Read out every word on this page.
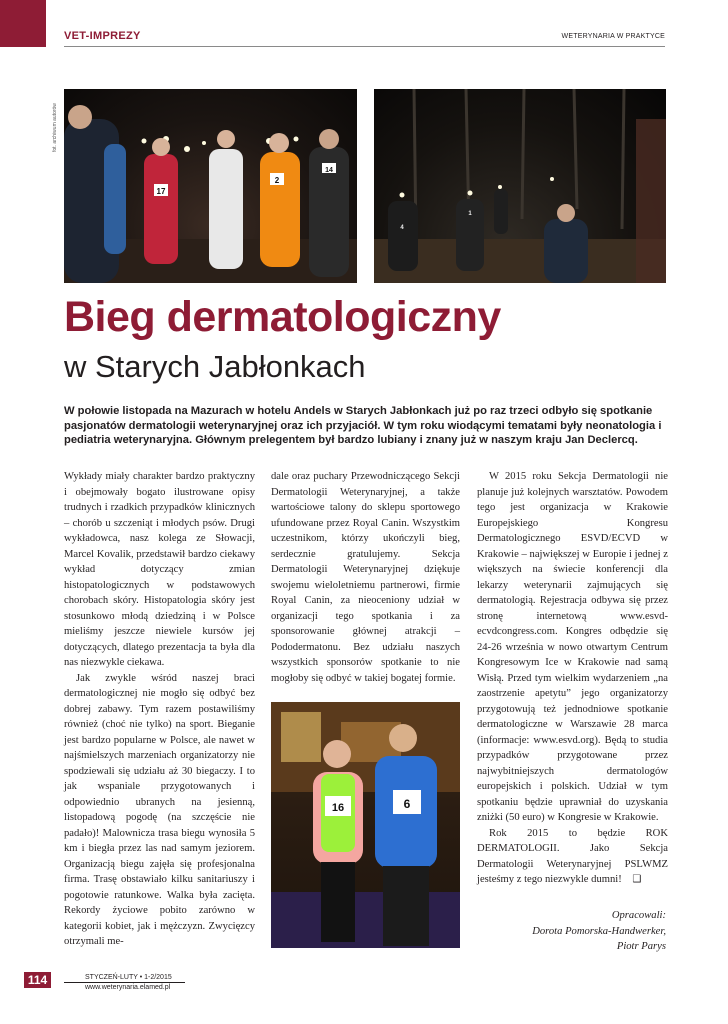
VET-IMPREZY	WETERYNARIA W PRAKTYCE
fot. archiwum autorów
17
2
14
4
1
Bieg dermatologiczny
w Starych Jabłonkach
W połowie listopada na Mazurach w hotelu Andels w Starych Jabłonkach już po raz trzeci odbyło się spotkanie pasjonatów dermatologii weterynaryjnej oraz ich przyjaciół. W tym roku wiodącymi tematami były neonatologia i pediatria weterynaryjna. Głównym prelegentem był bardzo lubiany i znany już w naszym kraju Jan Declercq.

Wykłady miały charakter bardzo praktyczny i obejmowały bogato ilustrowane opisy trudnych i rzadkich przypadków klinicznych – chorób u szczeniąt i młodych psów. Drugi wykładowca, nasz kolega ze Słowacji, Marcel Kovalik, przedstawił bardzo ciekawy wykład dotyczący zmian histopatologicznych w podstawowych chorobach skóry. Histopatologia skóry jest stosunkowo młodą dziedziną i w Polsce mieliśmy jeszcze niewiele kursów jej dotyczących, dlatego prezentacja ta była dla nas niezwykle ciekawa.

Jak zwykle wśród naszej braci dermatologicznej nie mogło się odbyć bez dobrej zabawy. Tym razem postawiliśmy również (choć nie tylko) na sport. Bieganie jest bardzo popularne w Polsce, ale nawet w najśmielszych marzeniach organizatorzy nie spodziewali się udziału aż 30 biegaczy. I to jak wspaniale przygotowanych i odpowiednio ubranych na jesienną, listopadową pogodę (na szczęście nie padało)! Malownicza trasa biegu wynosiła 5 km i biegła przez las nad samym jeziorem. Organizacją biegu zajęła się profesjonalna firma. Trasę obstawiało kilku sanitariuszy i pogotowie ratunkowe. Walka była zacięta. Rekordy życiowe pobito zarówno w kategorii kobiet, jak i mężczyzn. Zwycięzcy otrzymali me-

dale oraz puchary Przewodniczącego Sekcji Dermatologii Weterynaryjnej, a także wartościowe talony do sklepu sportowego ufundowane przez Royal Canin. Wszystkim uczestnikom, którzy ukończyli bieg, serdecznie gratulujemy. Sekcja Dermatologii Weterynaryjnej dziękuje swojemu wieloletniemu partnerowi, firmie Royal Canin, za nieoceniony udział w organizacji tego spotkania i za sponsorowanie głównej atrakcji – Pododermatonu. Bez udziału naszych wszystkich sponsorów spotkanie to nie mogłoby się odbyć w takiej bogatej formie.

16	6

W 2015 roku Sekcja Dermatologii nie planuje już kolejnych warsztatów. Powodem tego jest organizacja w Krakowie Europejskiego Kongresu Dermatologicznego ESVD/ECVD w Krakowie – największej w Europie i jednej z większych na świecie konferencji dla lekarzy weterynarii zajmujących się dermatologią. Rejestracja odbywa się przez stronę internetową www.esvd-ecvdcongress.com. Kongres odbędzie się 24-26 września w nowo otwartym Centrum Kongresowym Ice w Krakowie nad samą Wisłą. Przed tym wielkim wydarzeniem „na zaostrzenie apetytu” jego organizatorzy przygotowują też jednodniowe spotkanie dermatologiczne w Warszawie 28 marca (informacje: www.esvd.org). Będą to studia przypadków przygotowane przez najwybitniejszych dermatologów europejskich i polskich. Udział w tym spotkaniu będzie uprawniał do uzyskania zniżki (50 euro) w Kongresie w Krakowie.

Rok 2015 to będzie ROK DERMATOLOGII. Jako Sekcja Dermatologii Weterynaryjnej PSLWMZ jesteśmy z tego niezwykle dumni! ❑

Opracowali:
Dorota Pomorska-Handwerker,
Piotr Parys
114	STYCZEŃ-LUTY • 1-2/2015
www.weterynaria.elamed.pl
